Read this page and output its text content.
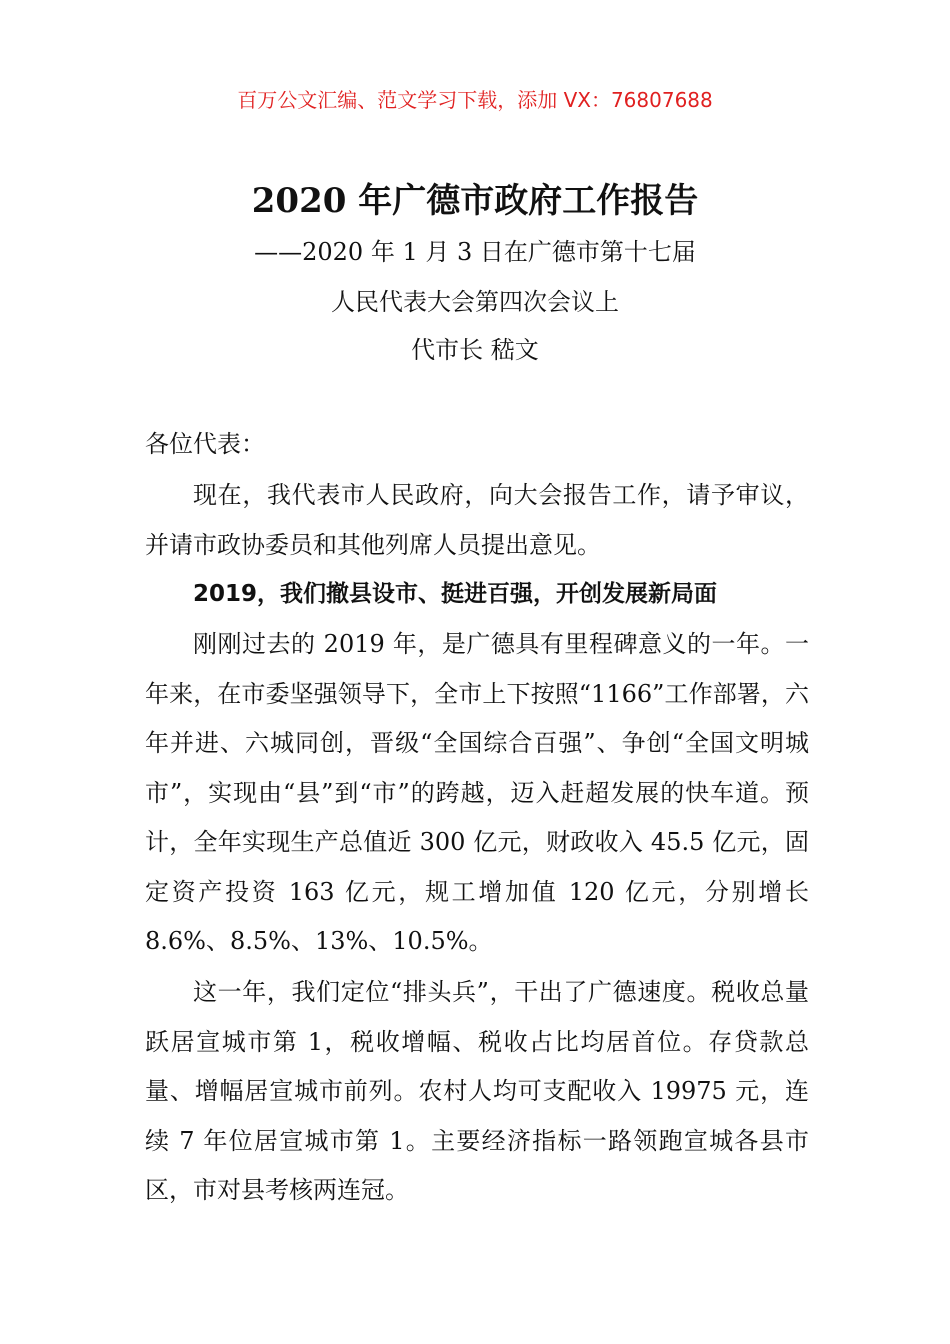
百万公文汇编、范文学习下载，添加 VX：76807688
2020 年广德市政府工作报告
——2020 年 1 月 3 日在广德市第十七届
人民代表大会第四次会议上
代市长 嵇文
各位代表：

现在，我代表市人民政府，向大会报告工作，请予审议，并请市政协委员和其他列席人员提出意见。

2019，我们撤县设市、挺进百强，开创发展新局面

刚刚过去的 2019 年，是广德具有里程碑意义的一年。一年来，在市委坚强领导下，全市上下按照“1166”工作部署，六年并进、六城同创，晋级“全国综合百强”、争创“全国文明城市”，实现由“县”到“市”的跨越，迈入赶超发展的快车道。预计，全年实现生产总值近 300 亿元，财政收入 45.5 亿元，固定资产投资 163 亿元，规工增加值 120 亿元，分别增长 8.6%、8.5%、13%、10.5%。

这一年，我们定位“排头兵”，干出了广德速度。税收总量跃居宣城市第 1，税收增幅、税收占比均居首位。存贷款总量、增幅居宣城市前列。农村人均可支配收入 19975 元，连续 7 年位居宣城市第 1。主要经济指标一路领跑宣城各县市区，市对县考核两连冠。
